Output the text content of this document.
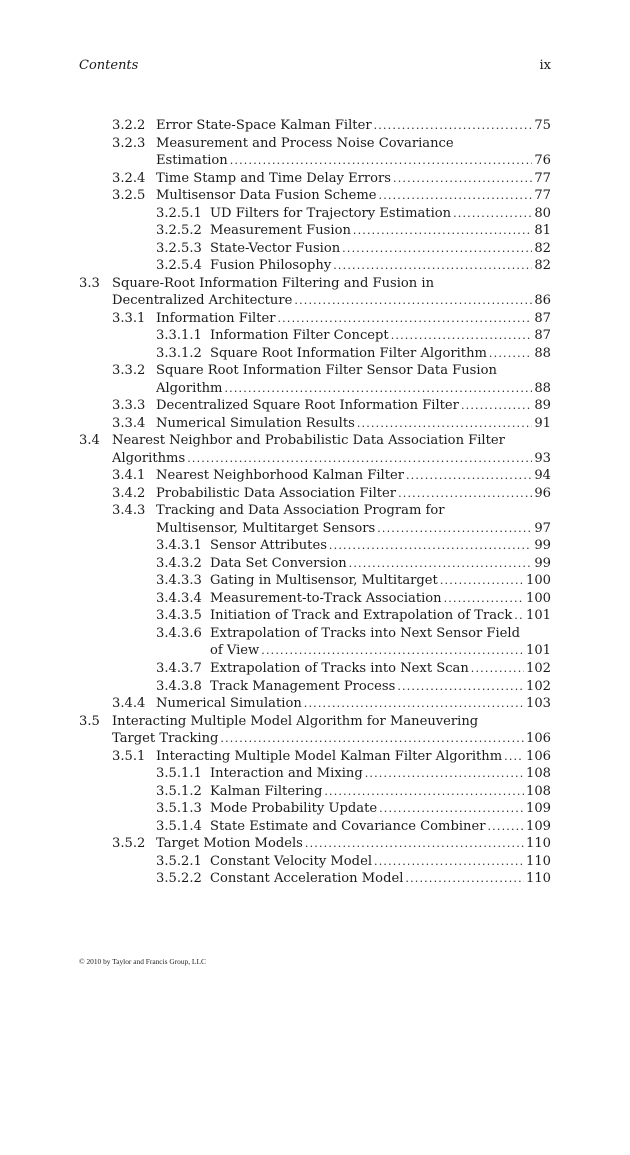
Contents	ix
3.2.2 Error State-Space Kalman Filter .....	75
3.2.3 Measurement and Process Noise Covariance
Estimation .....	76
3.2.4 Time Stamp and Time Delay Errors .....	77
3.2.5 Multisensor Data Fusion Scheme .....	77
3.2.5.1 UD Filters for Trajectory Estimation .....	80
3.2.5.2 Measurement Fusion .....	81
3.2.5.3 State-Vector Fusion .....	82
3.2.5.4 Fusion Philosophy .....	82
3.3 Square-Root Information Filtering and Fusion in
Decentralized Architecture .....	86
3.3.1 Information Filter .....	87
3.3.1.1 Information Filter Concept .....	87
3.3.1.2 Square Root Information Filter Algorithm .....	88
3.3.2 Square Root Information Filter Sensor Data Fusion
Algorithm .....	88
3.3.3 Decentralized Square Root Information Filter .....	89
3.3.4 Numerical Simulation Results .....	91
3.4 Nearest Neighbor and Probabilistic Data Association Filter
Algorithms .....	93
3.4.1 Nearest Neighborhood Kalman Filter .....	94
3.4.2 Probabilistic Data Association Filter .....	96
3.4.3 Tracking and Data Association Program for
Multisensor, Multitarget Sensors .....	97
3.4.3.1 Sensor Attributes .....	99
3.4.3.2 Data Set Conversion .....	99
3.4.3.3 Gating in Multisensor, Multitarget .....	100
3.4.3.4 Measurement-to-Track Association .....	100
3.4.3.5 Initiation of Track and Extrapolation of Track ..... 101
3.4.3.6 Extrapolation of Tracks into Next Sensor Field
of View .....	101
3.4.3.7 Extrapolation of Tracks into Next Scan .....	102
3.4.3.8 Track Management Process .....	102
3.4.4 Numerical Simulation .....	103
3.5 Interacting Multiple Model Algorithm for Maneuvering
Target Tracking .....	106
3.5.1 Interacting Multiple Model Kalman Filter Algorithm ..... 106
3.5.1.1 Interaction and Mixing .....	108
3.5.1.2 Kalman Filtering .....	108
3.5.1.3 Mode Probability Update .....	109
3.5.1.4 State Estimate and Covariance Combiner .....	109
3.5.2 Target Motion Models .....	110
3.5.2.1 Constant Velocity Model .....	110
3.5.2.2 Constant Acceleration Model .....	110
© 2010 by Taylor and Francis Group, LLC
